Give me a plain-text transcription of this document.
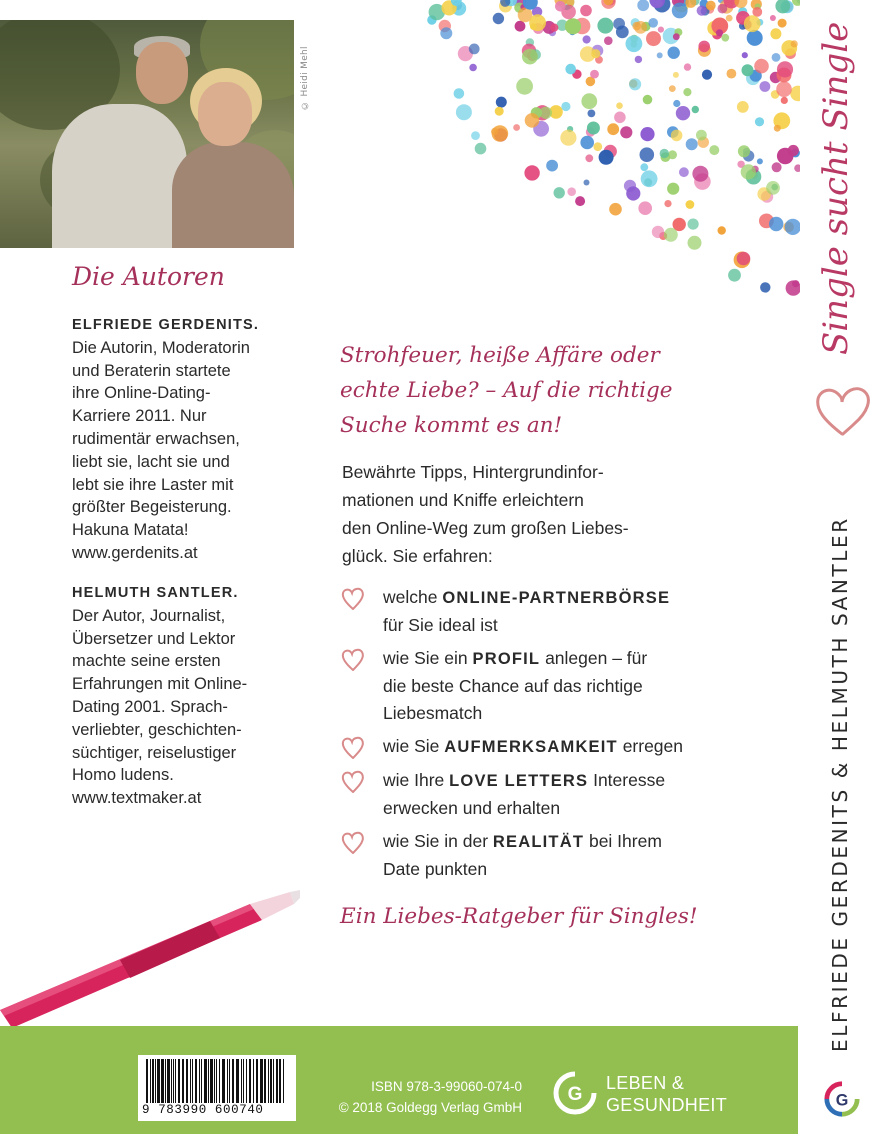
© Heidi Mehl
Die Autoren
ELFRIEDE GERDENITS.
Die Autorin, Moderatorin
und Beraterin startete
ihre Online-Dating-
Karriere 2011. Nur
rudimentär erwachsen,
liebt sie, lacht sie und
lebt sie ihre Laster mit
größter Begeisterung.
Hakuna Matata!
www.gerdenits.at
HELMUTH SANTLER.
Der Autor, Journalist,
Übersetzer und Lektor
machte seine ersten
Erfahrungen mit Online-
Dating 2001. Sprach-
verliebter, geschichten-
süchtiger, reiselustiger
Homo ludens.
www.textmaker.at
Single sucht Single
ELFRIEDE GERDENITS & HELMUTH SANTLER
G
Strohfeuer, heiße Affäre oder
echte Liebe? – Auf die richtige
Suche kommt es an!
Bewährte Tipps, Hintergrundinfor-
mationen und Kniffe erleichtern
den Online-Weg zum großen Liebes-
glück. Sie erfahren:
welche ONLINE-PARTNERBÖRSE
für Sie ideal ist
wie Sie ein PROFIL anlegen – für
die beste Chance auf das richtige
Liebesmatch
wie Sie AUFMERKSAMKEIT erregen
wie Ihre LOVE LETTERS Interesse
erwecken und erhalten
wie Sie in der REALITÄT bei Ihrem
Date punkten
Ein Liebes-Ratgeber für Singles!
9 783990 600740
ISBN 978-3-99060-074-0
© 2018 Goldegg Verlag GmbH
G
LEBEN &
GESUNDHEIT
